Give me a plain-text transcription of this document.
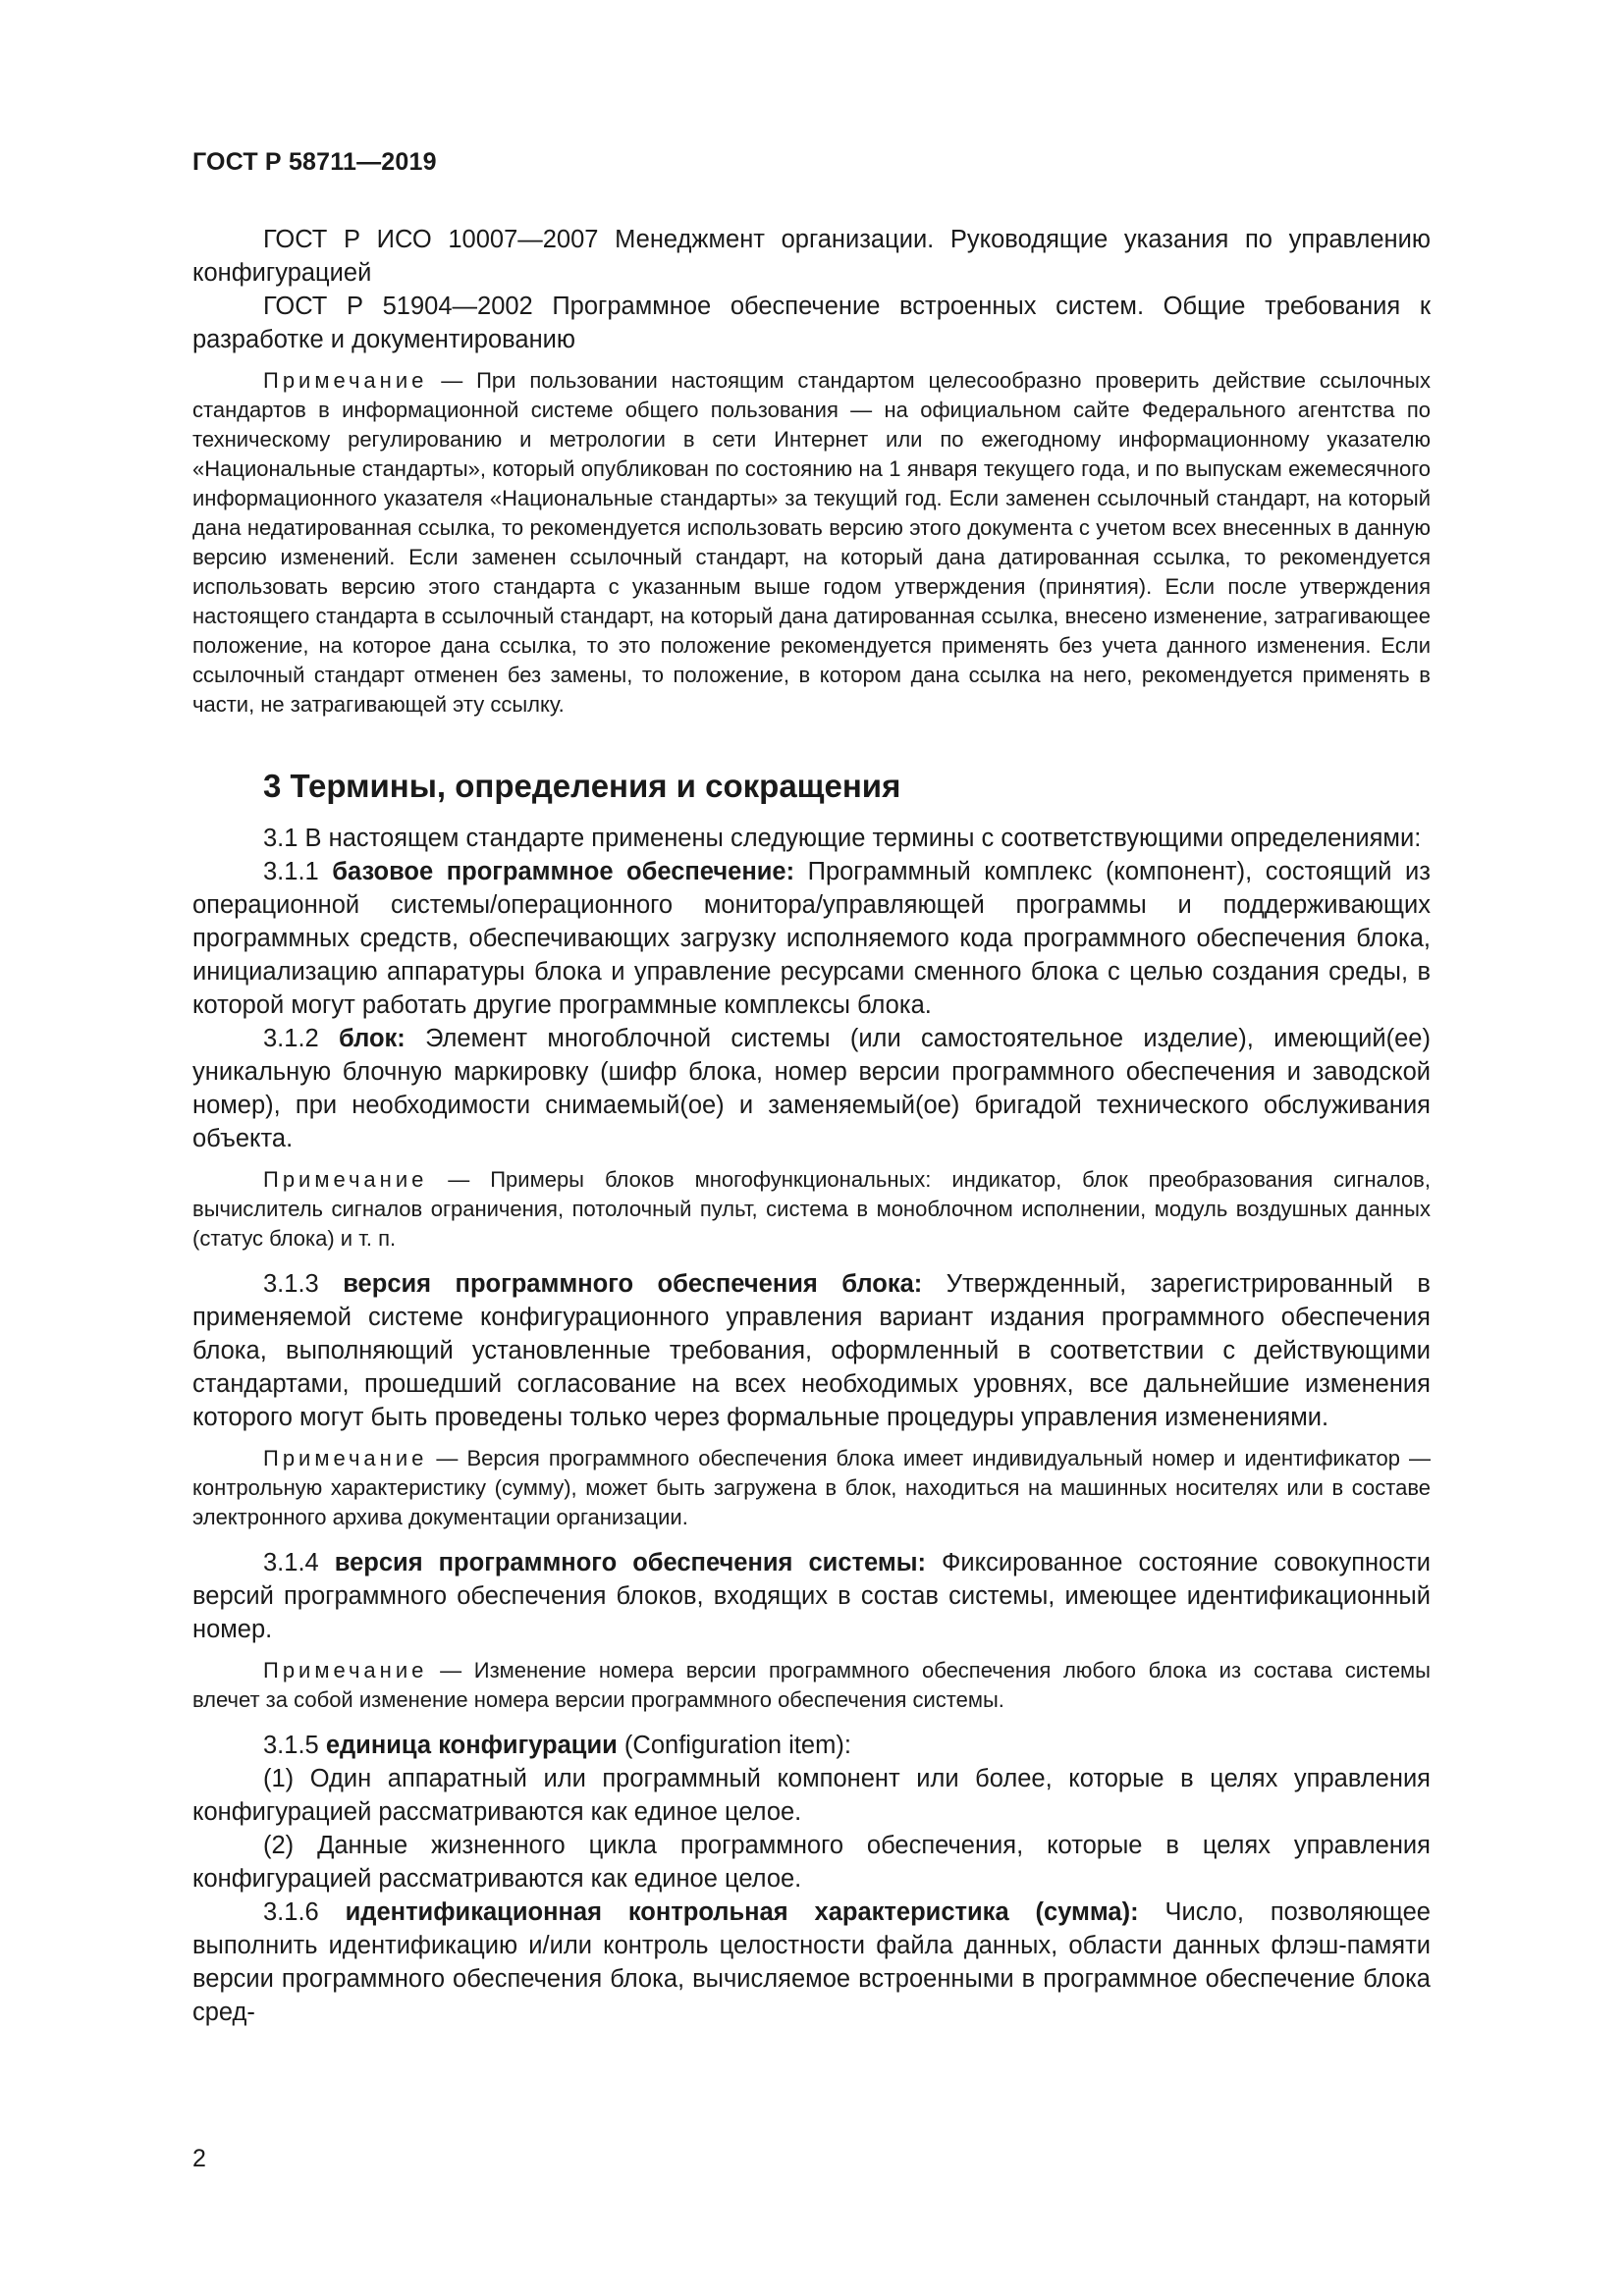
ГОСТ Р 58711—2019

ГОСТ Р ИСО 10007—2007 Менеджмент организации. Руководящие указания по управлению конфигурацией

ГОСТ Р 51904—2002 Программное обеспечение встроенных систем. Общие требования к разработке и документированию

Примечание — При пользовании настоящим стандартом целесообразно проверить действие ссылочных стандартов в информационной системе общего пользования — на официальном сайте Федерального агентства по техническому регулированию и метрологии в сети Интернет или по ежегодному информационному указателю «Национальные стандарты», который опубликован по состоянию на 1 января текущего года, и по выпускам ежемесячного информационного указателя «Национальные стандарты» за текущий год. Если заменен ссылочный стандарт, на который дана недатированная ссылка, то рекомендуется использовать версию этого документа с учетом всех внесенных в данную версию изменений. Если заменен ссылочный стандарт, на который дана датированная ссылка, то рекомендуется использовать версию этого стандарта с указанным выше годом утверждения (принятия). Если после утверждения настоящего стандарта в ссылочный стандарт, на который дана датированная ссылка, внесено изменение, затрагивающее положение, на которое дана ссылка, то это положение рекомендуется применять без учета данного изменения. Если ссылочный стандарт отменен без замены, то положение, в котором дана ссылка на него, рекомендуется применять в части, не затрагивающей эту ссылку.

3 Термины, определения и сокращения

3.1 В настоящем стандарте применены следующие термины с соответствующими определениями:

3.1.1 базовое программное обеспечение: Программный комплекс (компонент), состоящий из операционной системы/операционного монитора/управляющей программы и поддерживающих программных средств, обеспечивающих загрузку исполняемого кода программного обеспечения блока, инициализацию аппаратуры блока и управление ресурсами сменного блока с целью создания среды, в которой могут работать другие программные комплексы блока.

3.1.2 блок: Элемент многоблочной системы (или самостоятельное изделие), имеющий(ее) уникальную блочную маркировку (шифр блока, номер версии программного обеспечения и заводской номер), при необходимости снимаемый(ое) и заменяемый(ое) бригадой технического обслуживания объекта.

Примечание — Примеры блоков многофункциональных: индикатор, блок преобразования сигналов, вычислитель сигналов ограничения, потолочный пульт, система в моноблочном исполнении, модуль воздушных данных (статус блока) и т. п.

3.1.3 версия программного обеспечения блока: Утвержденный, зарегистрированный в применяемой системе конфигурационного управления вариант издания программного обеспечения блока, выполняющий установленные требования, оформленный в соответствии с действующими стандартами, прошедший согласование на всех необходимых уровнях, все дальнейшие изменения которого могут быть проведены только через формальные процедуры управления изменениями.

Примечание — Версия программного обеспечения блока имеет индивидуальный номер и идентификатор — контрольную характеристику (сумму), может быть загружена в блок, находиться на машинных носителях или в составе электронного архива документации организации.

3.1.4 версия программного обеспечения системы: Фиксированное состояние совокупности версий программного обеспечения блоков, входящих в состав системы, имеющее идентификационный номер.

Примечание — Изменение номера версии программного обеспечения любого блока из состава системы влечет за собой изменение номера версии программного обеспечения системы.

3.1.5 единица конфигурации (Configuration item):

(1) Один аппаратный или программный компонент или более, которые в целях управления конфигурацией рассматриваются как единое целое.

(2) Данные жизненного цикла программного обеспечения, которые в целях управления конфигурацией рассматриваются как единое целое.

3.1.6 идентификационная контрольная характеристика (сумма): Число, позволяющее выполнить идентификацию и/или контроль целостности файла данных, области данных флэш-памяти версии программного обеспечения блока, вычисляемое встроенными в программное обеспечение блока сред-

2
